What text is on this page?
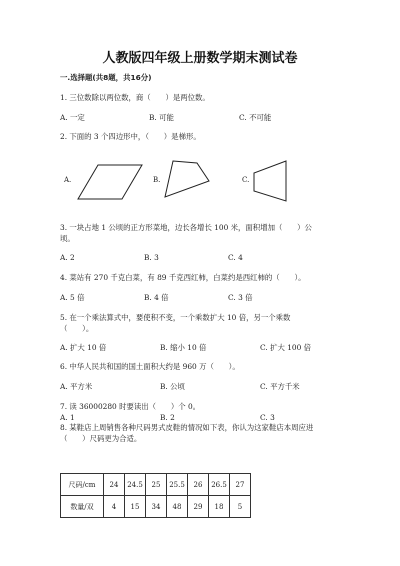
人教版四年级上册数学期末测试卷
一.选择题(共8题，共16分)
1. 三位数除以两位数，商（　　）是两位数。
A. 一定	B. 可能	C. 不可能
2. 下面的 3 个四边形中，（　　）是梯形。
A.	B.	C.
3. 一块占地 1 公顷的正方形菜地，边长各增长 100 米，面积增加（　　）公
顷。
A. 2	B. 3	C. 4
4. 菜站有 270 千克白菜，有 89 千克西红柿，白菜约是西红柿的（　　）。
A. 5 倍	B. 4 倍	C. 3 倍
5. 在一个乘法算式中，要使积不变，一个乘数扩大 10 倍，另一个乘数
（　　）。
A. 扩大 10 倍	B. 缩小 10 倍	C. 扩大 100 倍
6. 中华人民共和国的国土面积大约是 960 万（　　）。
A. 平方米	B. 公顷	C. 平方千米
7. 读 36000280 时要读出（　　）个 0。
A. 1	B. 2	C. 3
8. 某鞋店上周销售各种尺码男式皮鞋的情况如下表，你认为这家鞋店本周应进
（　　）尺码更为合适。
尺码/cm	24	24.5	25	25.5	26	26.5	27
数量/双	4	15	34	48	29	18	5
